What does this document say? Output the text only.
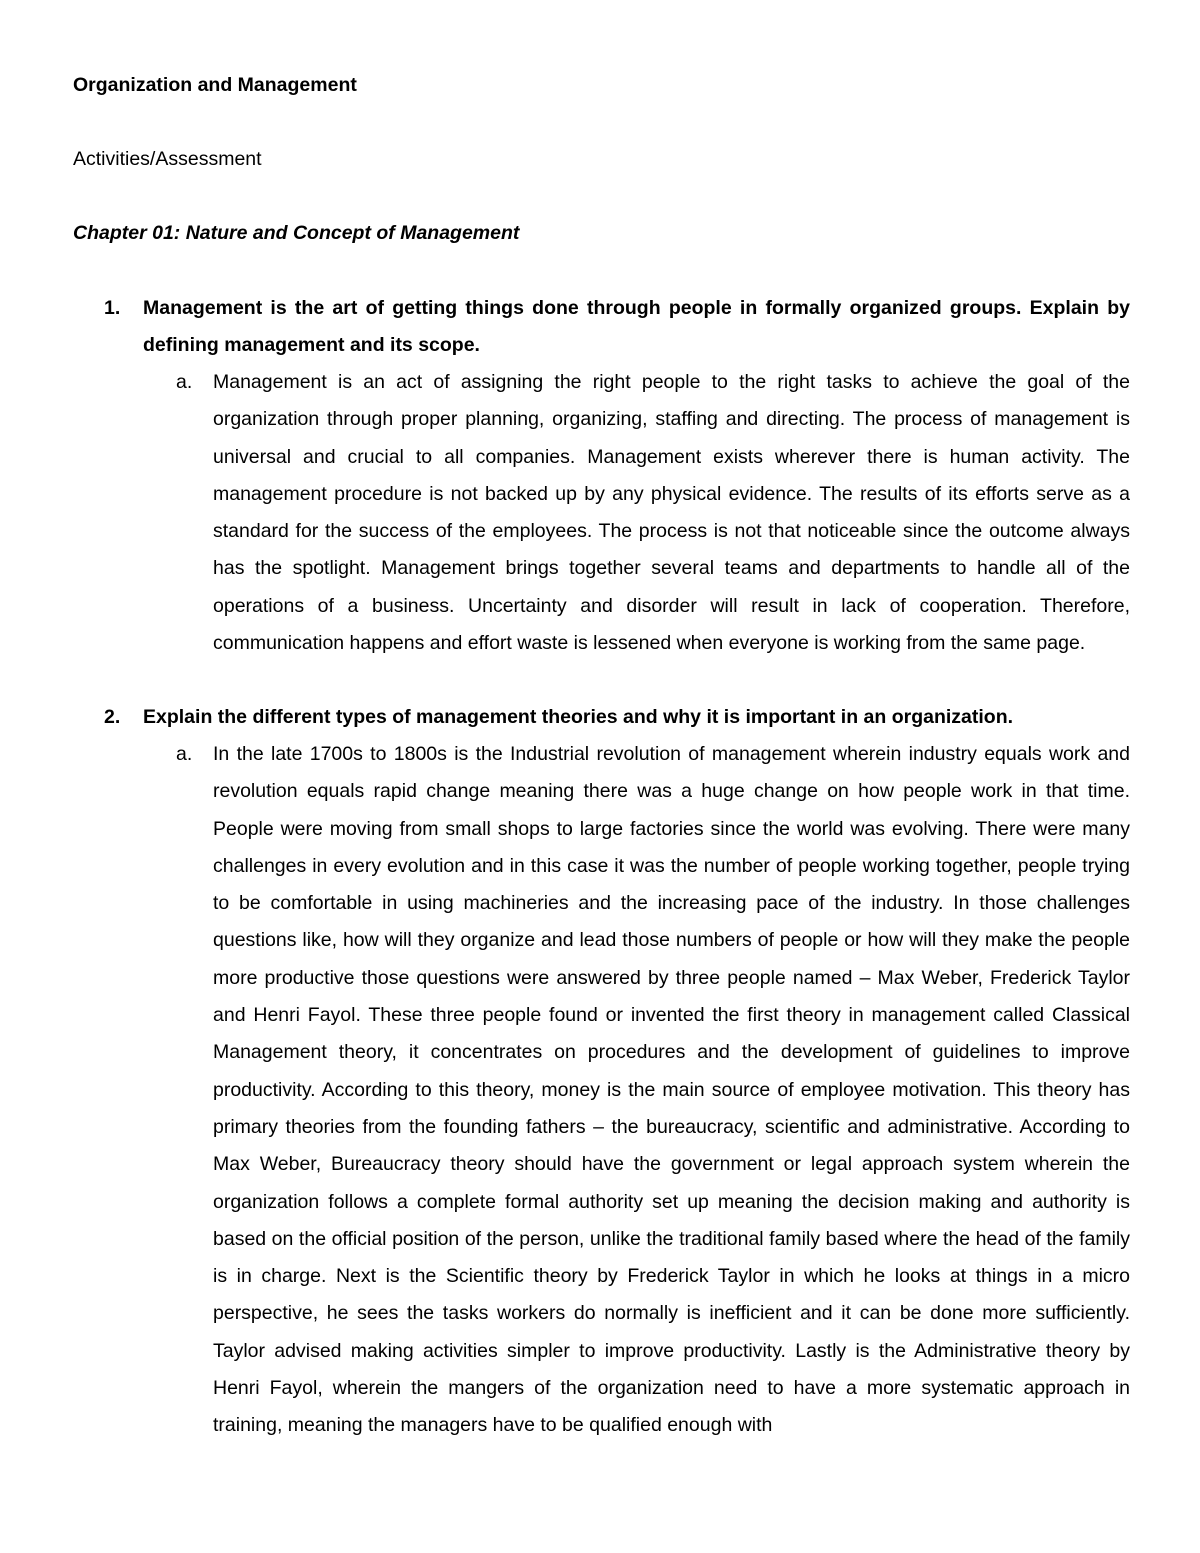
Organization and Management

Activities/Assessment

Chapter 01: Nature and Concept of Management

1. Management is the art of getting things done through people in formally organized groups. Explain by defining management and its scope.

a. Management is an act of assigning the right people to the right tasks to achieve the goal of the organization through proper planning, organizing, staffing and directing. The process of management is universal and crucial to all companies. Management exists wherever there is human activity. The management procedure is not backed up by any physical evidence. The results of its efforts serve as a standard for the success of the employees. The process is not that noticeable since the outcome always has the spotlight. Management brings together several teams and departments to handle all of the operations of a business. Uncertainty and disorder will result in lack of cooperation. Therefore, communication happens and effort waste is lessened when everyone is working from the same page.

2. Explain the different types of management theories and why it is important in an organization.

a. In the late 1700s to 1800s is the Industrial revolution of management wherein industry equals work and revolution equals rapid change meaning there was a huge change on how people work in that time. People were moving from small shops to large factories since the world was evolving. There were many challenges in every evolution and in this case it was the number of people working together, people trying to be comfortable in using machineries and the increasing pace of the industry. In those challenges questions like, how will they organize and lead those numbers of people or how will they make the people more productive those questions were answered by three people named – Max Weber, Frederick Taylor and Henri Fayol. These three people found or invented the first theory in management called Classical Management theory, it concentrates on procedures and the development of guidelines to improve productivity. According to this theory, money is the main source of employee motivation. This theory has primary theories from the founding fathers – the bureaucracy, scientific and administrative. According to Max Weber, Bureaucracy theory should have the government or legal approach system wherein the organization follows a complete formal authority set up meaning the decision making and authority is based on the official position of the person, unlike the traditional family based where the head of the family is in charge. Next is the Scientific theory by Frederick Taylor in which he looks at things in a micro perspective, he sees the tasks workers do normally is inefficient and it can be done more sufficiently. Taylor advised making activities simpler to improve productivity. Lastly is the Administrative theory by Henri Fayol, wherein the mangers of the organization need to have a more systematic approach in training, meaning the managers have to be qualified enough with
